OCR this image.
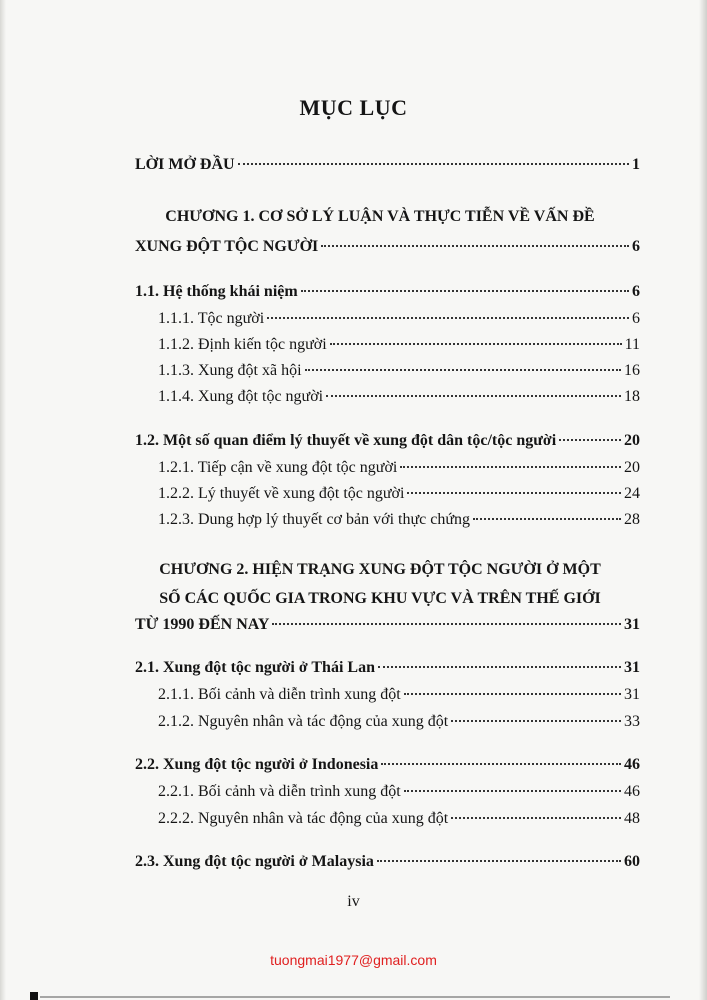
MỤC LỤC
LỜI MỞ ĐẦU	1
CHƯƠNG 1. CƠ SỞ LÝ LUẬN VÀ THỰC TIỄN VỀ VẤN ĐỀ
XUNG ĐỘT TỘC NGƯỜI	6
1.1. Hệ thống khái niệm	6
1.1.1. Tộc người	6
1.1.2. Định kiến tộc người	11
1.1.3. Xung đột xã hội	16
1.1.4. Xung đột tộc người	18
1.2. Một số quan điểm lý thuyết về xung đột dân tộc/tộc người	20
1.2.1. Tiếp cận về xung đột tộc người	20
1.2.2. Lý thuyết về xung đột tộc người	24
1.2.3. Dung hợp lý thuyết cơ bản với thực chứng	28
CHƯƠNG 2. HIỆN TRẠNG XUNG ĐỘT TỘC NGƯỜI Ở MỘT
SỐ CÁC QUỐC GIA TRONG KHU VỰC VÀ TRÊN THẾ GIỚI
TỪ 1990 ĐẾN NAY	31
2.1. Xung đột tộc người ở Thái Lan	31
2.1.1. Bối cảnh và diễn trình xung đột	31
2.1.2. Nguyên nhân và tác động của xung đột	33
2.2. Xung đột tộc người ở Indonesia	46
2.2.1. Bối cảnh và diễn trình xung đột	46
2.2.2. Nguyên nhân và tác động của xung đột	48
2.3. Xung đột tộc người ở Malaysia	60
iv
tuongmai1977@gmail.com
